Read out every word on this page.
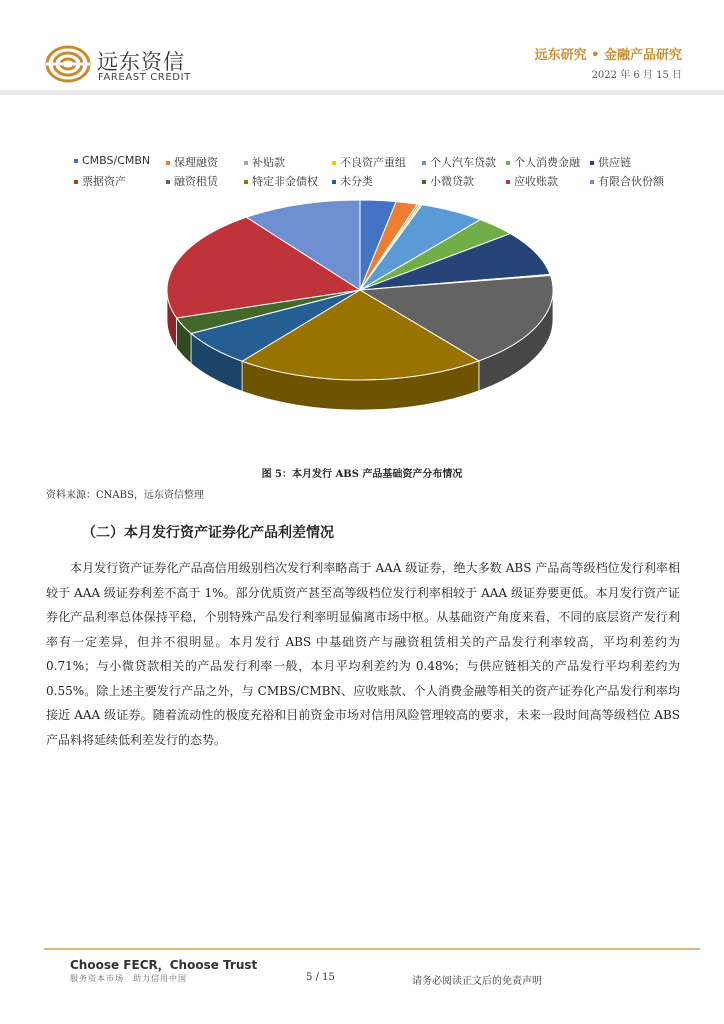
远东资信
FAREAST CREDIT
远东研究 • 金融产品研究
2022 年 6 月 15 日
CMBS/CMBN	保理融资	补贴款	不良资产重组	个人汽车贷款	个人消费金融	供应链
票据资产	融资租赁	特定非金债权	未分类	小微贷款	应收账款	有限合伙份额
图 5：本月发行 ABS 产品基础资产分布情况
资料来源：CNABS，远东资信整理
（二）本月发行资产证券化产品利差情况
本月发行资产证券化产品高信用级别档次发行利率略高于 AAA 级证券，绝大多数 ABS 产品高等级档位发行利率相较于 AAA 级证券利差不高于 1%。部分优质资产甚至高等级档位发行利率相较于 AAA 级证券要更低。本月发行资产证券化产品利率总体保持平稳，个别特殊产品发行利率明显偏离市场中枢。从基础资产角度来看，不同的底层资产发行利率有一定差异，但并不很明显。本月发行 ABS 中基础资产与融资租赁相关的产品发行利率较高，平均利差约为 0.71%；与小微贷款相关的产品发行利率一般，本月平均利差约为 0.48%；与供应链相关的产品发行平均利差约为 0.55%。除上述主要发行产品之外，与 CMBS/CMBN、应收账款、个人消费金融等相关的资产证券化产品发行利率均接近 AAA 级证券。随着流动性的极度充裕和目前资金市场对信用风险管理较高的要求，未来一段时间高等级档位 ABS 产品料将延续低利差发行的态势。
Choose FECR，Choose Trust
服务资本市场　助力信用中国	5 / 15	请务必阅读正文后的免责声明
